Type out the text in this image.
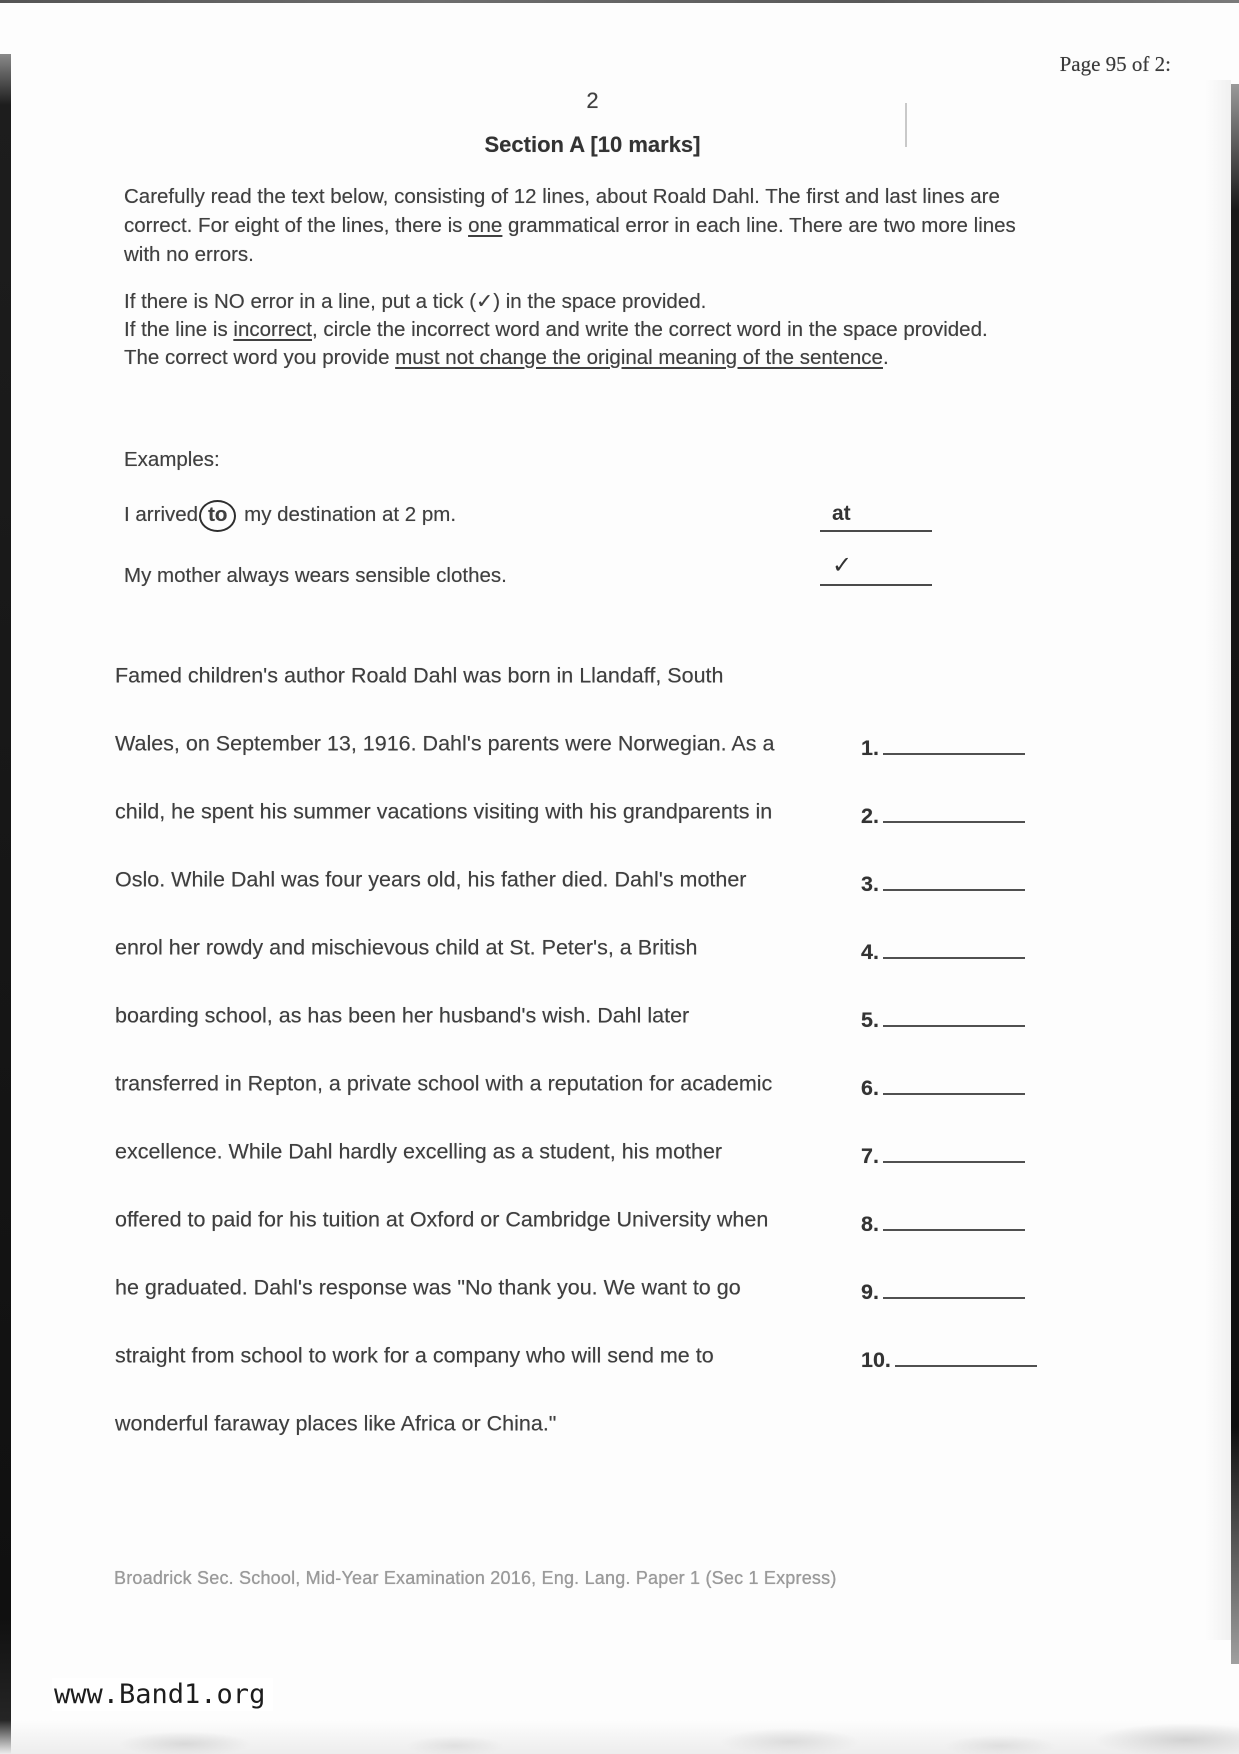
Page 95 of 2:
2
Section A [10 marks]
Carefully read the text below, consisting of 12 lines, about Roald Dahl. The first and last lines are correct. For eight of the lines, there is one grammatical error in each line. There are two more lines with no errors.
If there is NO error in a line, put a tick (✓) in the space provided.
If the line is incorrect, circle the incorrect word and write the correct word in the space provided.
The correct word you provide must not change the original meaning of the sentence.
Examples:
I arrived to my destination at 2 pm.	at
My mother always wears sensible clothes.	✓
Famed children's author Roald Dahl was born in Llandaff, South
Wales, on September 13, 1916. Dahl's parents were Norwegian. As a	1.
child, he spent his summer vacations visiting with his grandparents in	2.
Oslo. While Dahl was four years old, his father died. Dahl's mother	3.
enrol her rowdy and mischievous child at St. Peter's, a British	4.
boarding school, as has been her husband's wish. Dahl later	5.
transferred in Repton, a private school with a reputation for academic	6.
excellence. While Dahl hardly excelling as a student, his mother	7.
offered to paid for his tuition at Oxford or Cambridge University when	8.
he graduated. Dahl's response was "No thank you. We want to go	9.
straight from school to work for a company who will send me to	10.
wonderful faraway places like Africa or China."
Broadrick Sec. School, Mid-Year Examination 2016, Eng. Lang. Paper 1 (Sec 1 Express)
www.Band1.org
